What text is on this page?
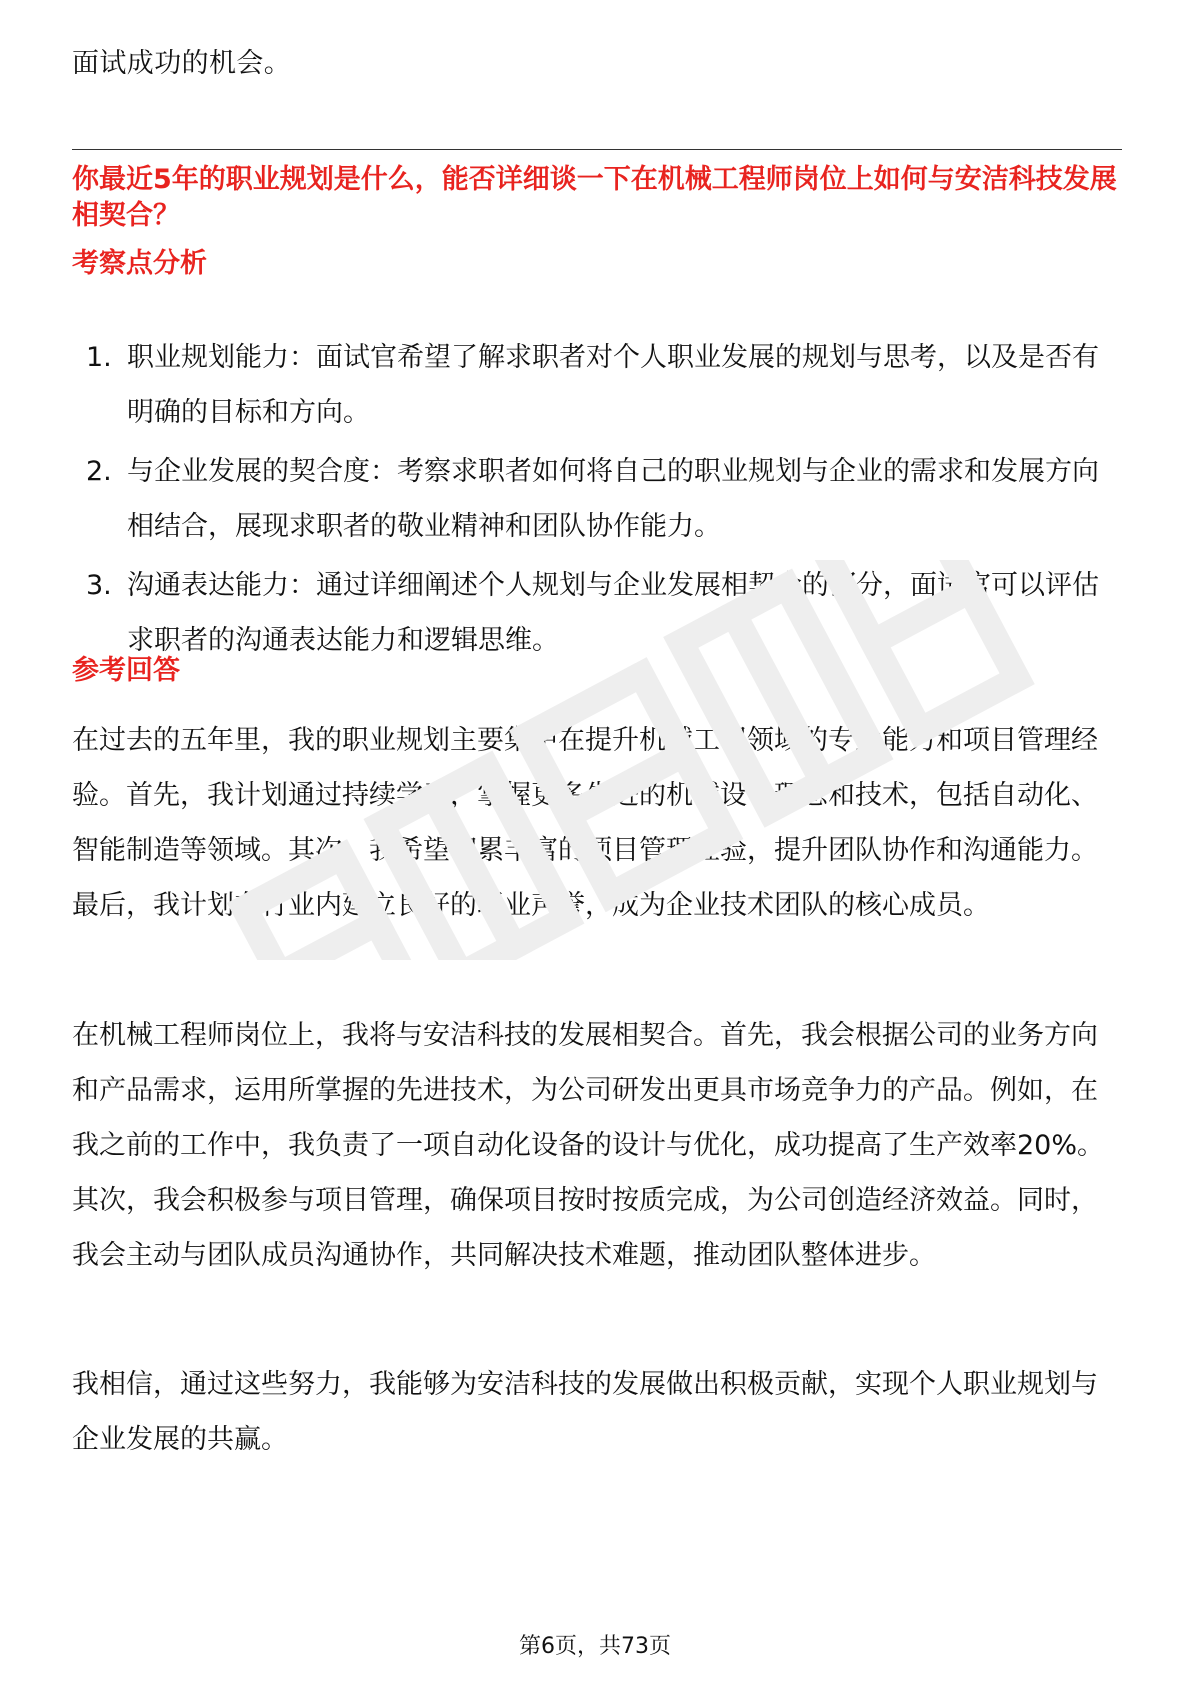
面试成功的机会。

你最近5年的职业规划是什么，能否详细谈一下在机械工程师岗位上如何与安洁科技发展相契合？

考察点分析

1. 职业规划能力：面试官希望了解求职者对个人职业发展的规划与思考，以及是否有明确的目标和方向。
2. 与企业发展的契合度：考察求职者如何将自己的职业规划与企业的需求和发展方向相结合，展现求职者的敬业精神和团队协作能力。
3. 沟通表达能力：通过详细阐述个人规划与企业发展相契合的部分，面试官可以评估求职者的沟通表达能力和逻辑思维。

参考回答

在过去的五年里，我的职业规划主要集中在提升机械工程领域的专业能力和项目管理经验。首先，我计划通过持续学习，掌握更多先进的机械设计理念和技术，包括自动化、智能制造等领域。其次，我希望积累丰富的项目管理经验，提升团队协作和沟通能力。最后，我计划在行业内建立良好的职业声誉，成为企业技术团队的核心成员。

在机械工程师岗位上，我将与安洁科技的发展相契合。首先，我会根据公司的业务方向和产品需求，运用所掌握的先进技术，为公司研发出更具市场竞争力的产品。例如，在我之前的工作中，我负责了一项自动化设备的设计与优化，成功提高了生产效率20%。其次，我会积极参与项目管理，确保项目按时按质完成，为公司创造经济效益。同时，我会主动与团队成员沟通协作，共同解决技术难题，推动团队整体进步。

我相信，通过这些努力，我能够为安洁科技的发展做出积极贡献，实现个人职业规划与企业发展的共赢。

第6页，共73页
